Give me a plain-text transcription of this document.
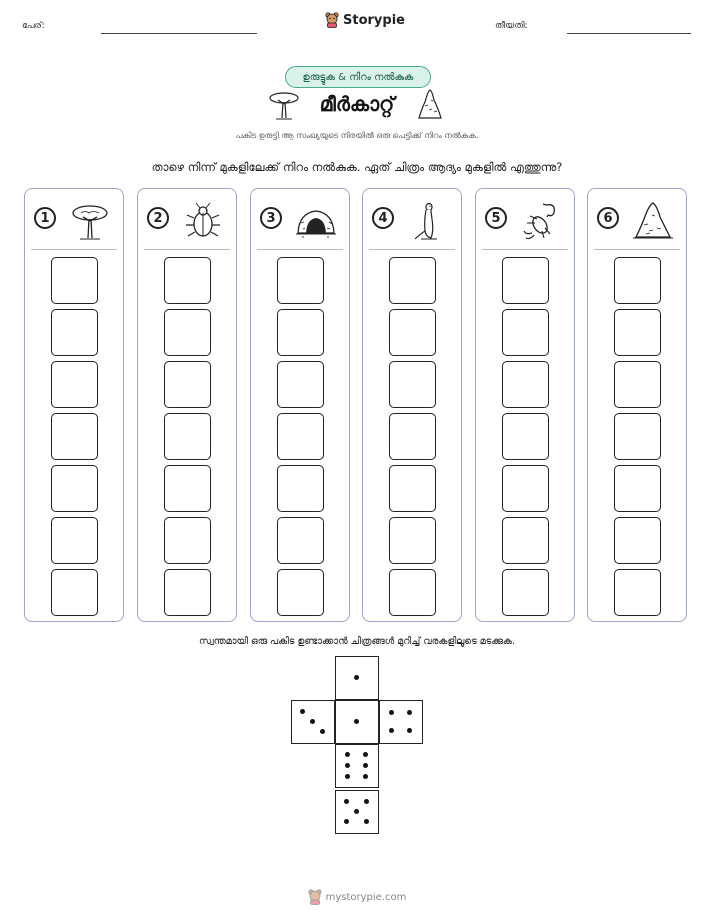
പേര്:	Storypie	തീയതി:
ഉരുട്ടുക & നിറം നൽകുക
മീർകാറ്റ്
പകിട ഉരുട്ടി ആ സംഖ്യയുടെ നിരയിൽ ഒരു പെട്ടിക്ക് നിറം നൽകുക.
താഴെ നിന്ന് മുകളിലേക്ക് നിറം നൽകുക. ഏത് ചിത്രം ആദ്യം മുകളിൽ എത്തുന്നു?
1	2	3	4	5	6
സ്വന്തമായി ഒരു പകിട ഉണ്ടാക്കാൻ ചിത്രങ്ങൾ മുറിച്ച് വരകളിലൂടെ മടക്കുക.
mystorypie.com
